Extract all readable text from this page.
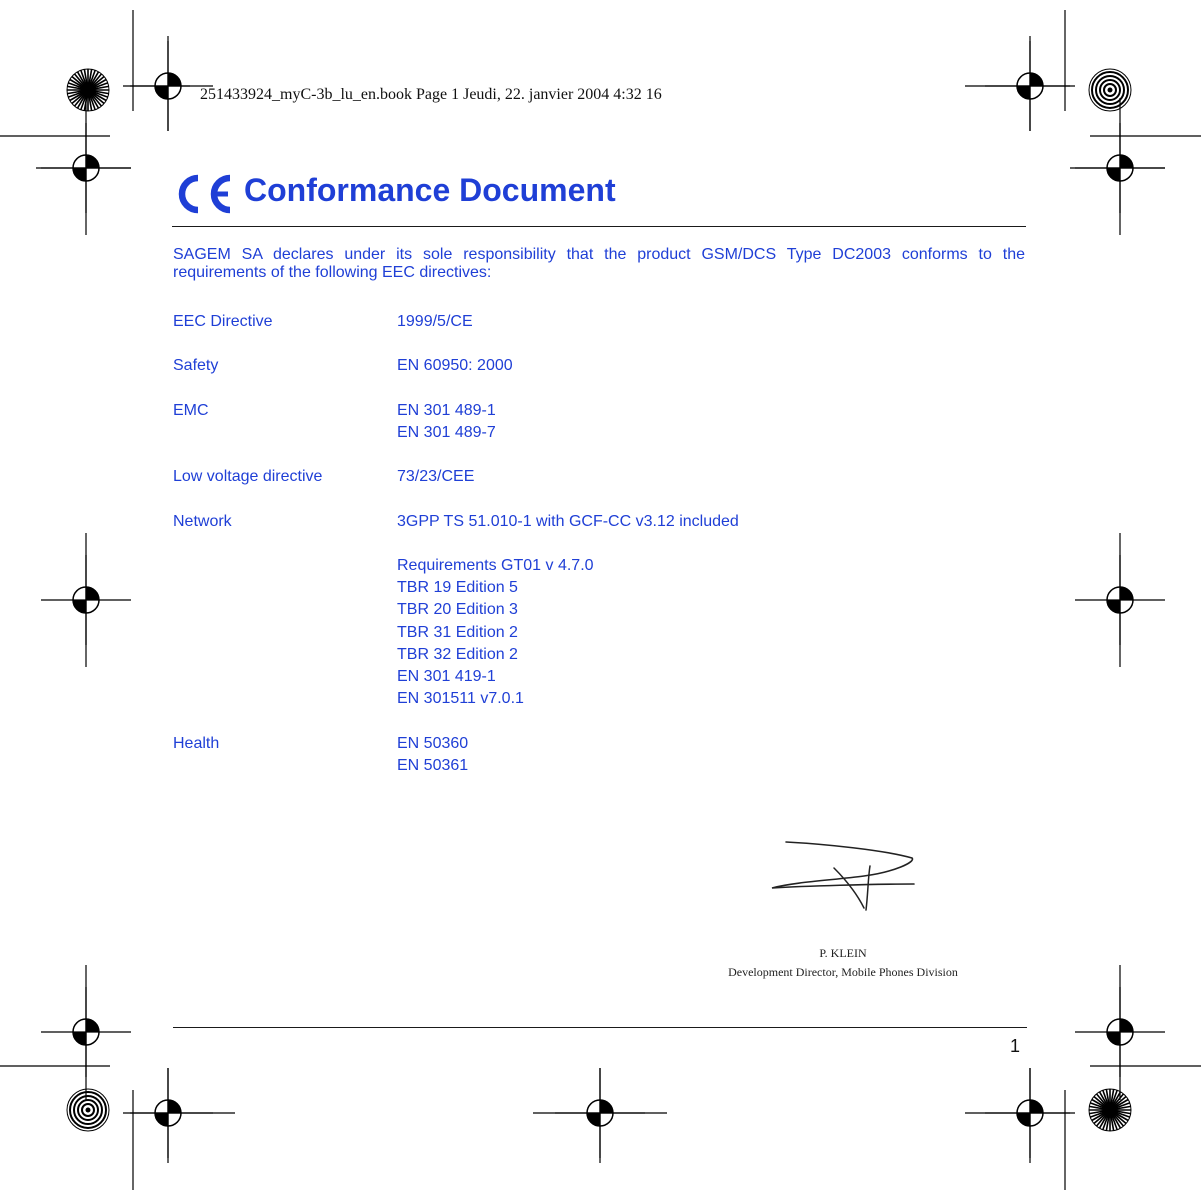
251433924_myC-3b_lu_en.book Page 1 Jeudi, 22. janvier 2004 4:32 16
Conformance Document
SAGEM SA declares under its sole responsibility that the product GSM/DCS Type DC2003 conforms to the requirements of the following EEC directives:
EEC Directive	1999/5/CE
Safety	EN 60950: 2000
EMC	EN 301 489-1
EN 301 489-7
Low voltage directive	73/23/CEE
Network	3GPP TS 51.010-1 with GCF-CC v3.12 included
Requirements GT01 v 4.7.0
TBR 19 Edition 5
TBR 20 Edition 3
TBR 31 Edition 2
TBR 32 Edition 2
EN 301 419-1
EN 301511 v7.0.1
Health	EN 50360
EN 50361
P. KLEIN
Development Director, Mobile Phones Division
1
